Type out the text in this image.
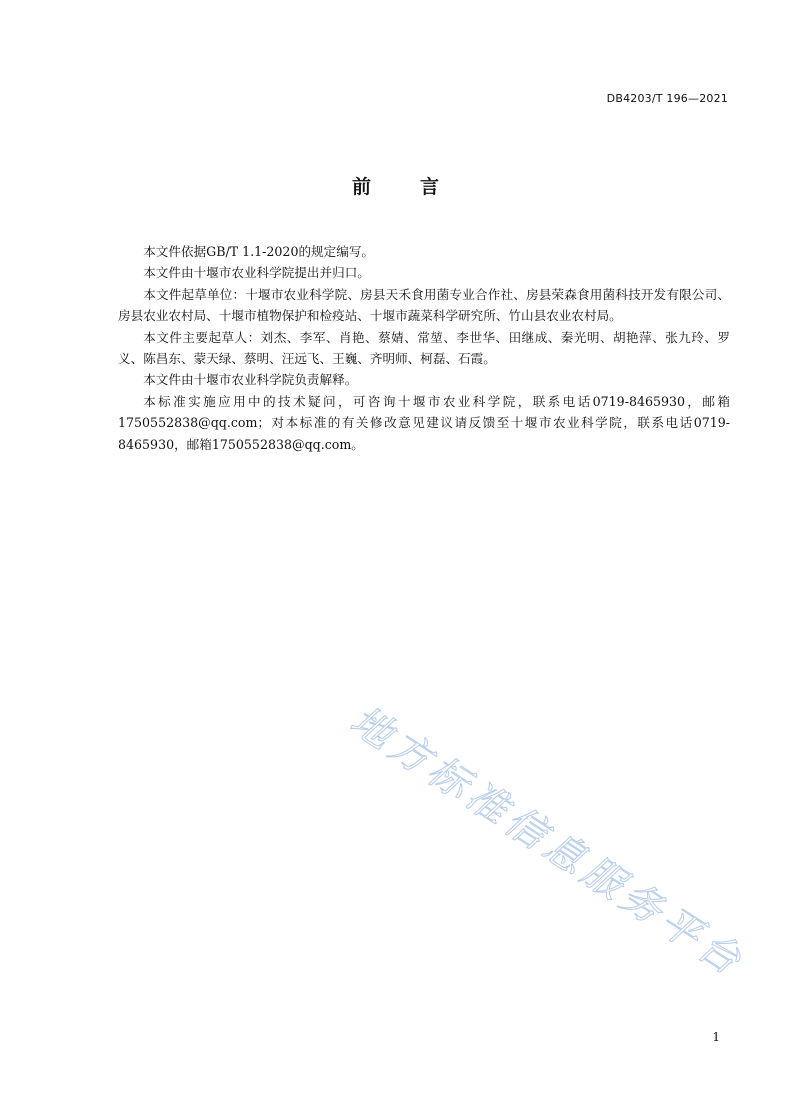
DB4203/T 196—2021
前	言

本文件依据GB/T 1.1-2020的规定编写。

本文件由十堰市农业科学院提出并归口。

本文件起草单位：十堰市农业科学院、房县天禾食用菌专业合作社、房县荣森食用菌科技开发有限公司、房县农业农村局、十堰市植物保护和检疫站、十堰市蔬菜科学研究所、竹山县农业农村局。

本文件主要起草人：刘杰、李军、肖艳、蔡婧、常堃、李世华、田继成、秦光明、胡艳萍、张九玲、罗义、陈昌东、蒙天绿、蔡明、汪远飞、王巍、齐明师、柯磊、石霞。

本文件由十堰市农业科学院负责解释。

本标准实施应用中的技术疑问，可咨询十堰市农业科学院，联系电话0719-8465930，邮箱1750552838@qq.com；对本标准的有关修改意见建议请反馈至十堰市农业科学院，联系电话0719-8465930，邮箱1750552838@qq.com。

地方标准信息服务平台
1
